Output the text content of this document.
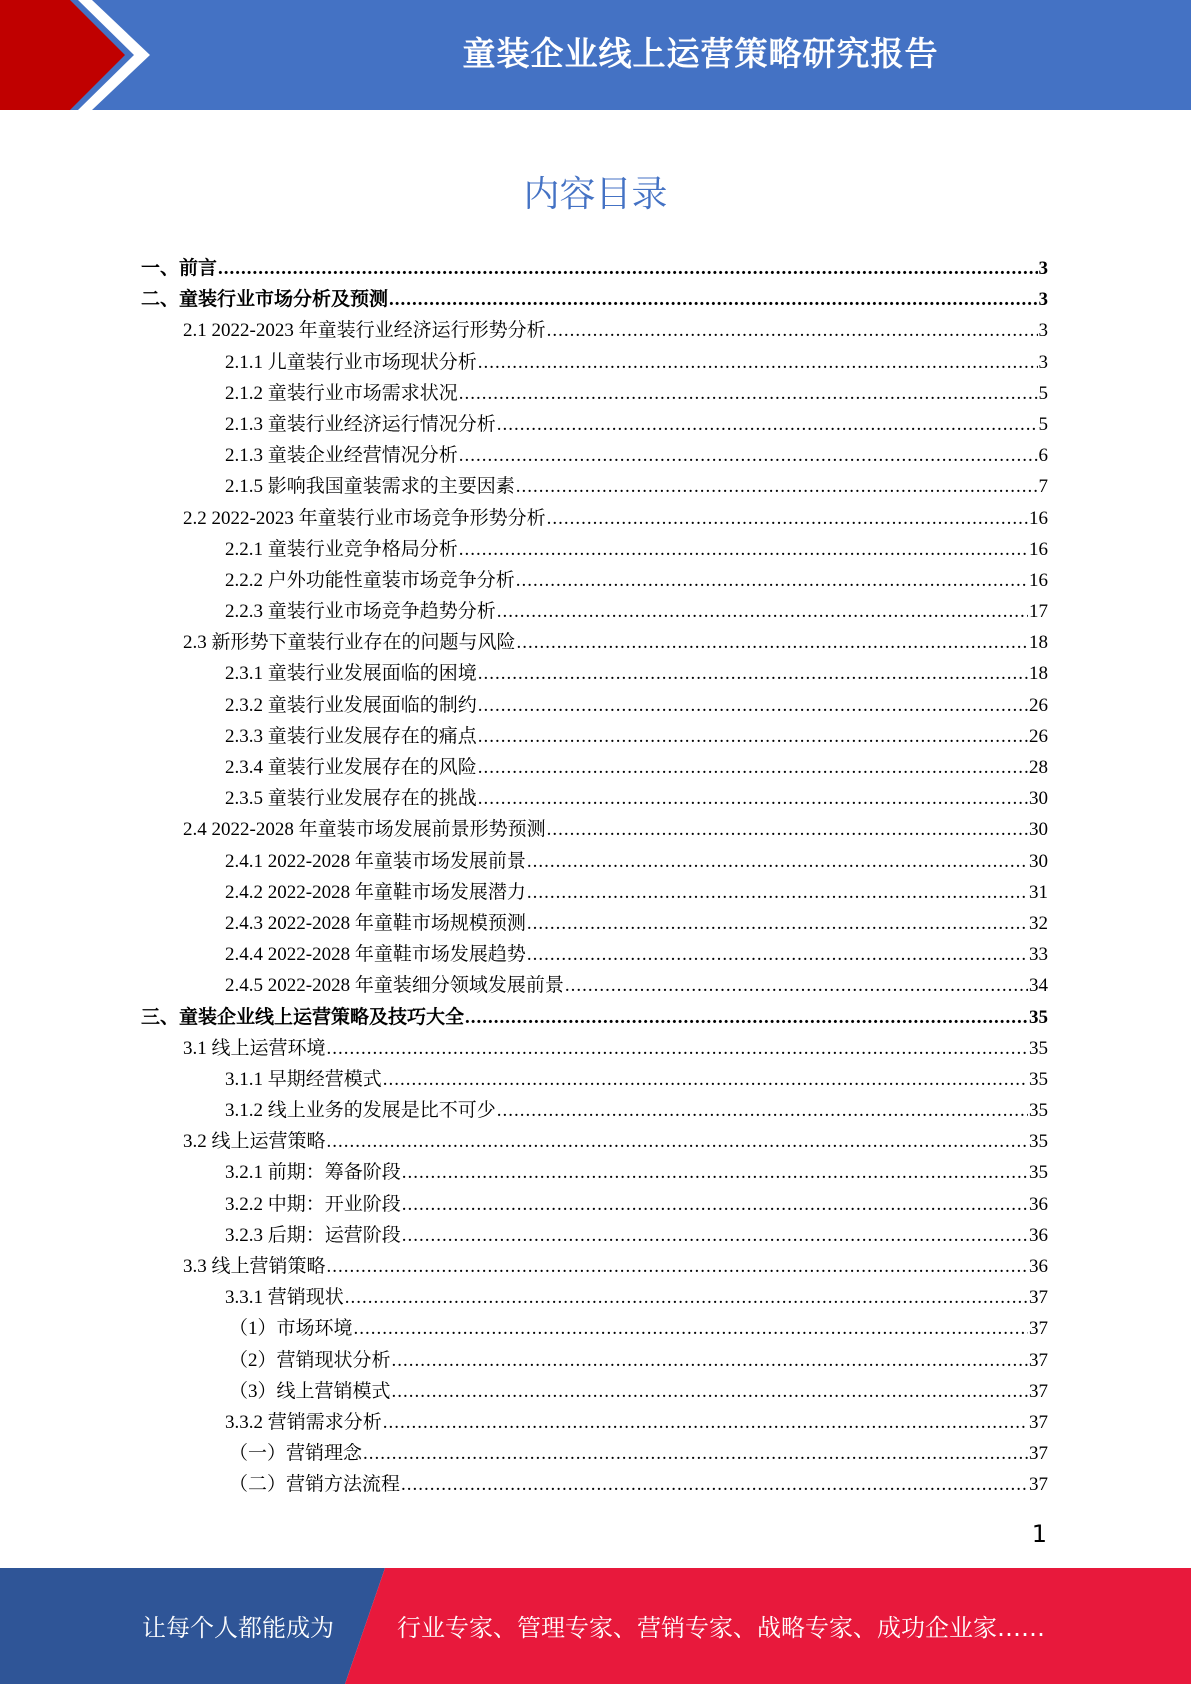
童装企业线上运营策略研究报告
内容目录
一、前言 .....	3
二、童装行业市场分析及预测 .....	3
2.1 2022-2023 年童装行业经济运行形势分析 .....	3
2.1.1 儿童装行业市场现状分析 .....	3
2.1.2 童装行业市场需求状况 .....	5
2.1.3 童装行业经济运行情况分析 .....	5
2.1.3 童装企业经营情况分析 .....	6
2.1.5 影响我国童装需求的主要因素 .....	7
2.2 2022-2023 年童装行业市场竞争形势分析 .....	16
2.2.1 童装行业竞争格局分析 .....	16
2.2.2 户外功能性童装市场竞争分析 .....	16
2.2.3 童装行业市场竞争趋势分析 .....	17
2.3 新形势下童装行业存在的问题与风险 .....	18
2.3.1 童装行业发展面临的困境 .....	18
2.3.2 童装行业发展面临的制约 .....	26
2.3.3 童装行业发展存在的痛点 .....	26
2.3.4 童装行业发展存在的风险 .....	28
2.3.5 童装行业发展存在的挑战 .....	30
2.4 2022-2028 年童装市场发展前景形势预测 .....	30
2.4.1 2022-2028 年童装市场发展前景 .....	30
2.4.2 2022-2028 年童鞋市场发展潜力 .....	31
2.4.3 2022-2028 年童鞋市场规模预测 .....	32
2.4.4 2022-2028 年童鞋市场发展趋势 .....	33
2.4.5 2022-2028 年童装细分领域发展前景 .....	34
三、童装企业线上运营策略及技巧大全 .....	35
3.1 线上运营环境 .....	35
3.1.1 早期经营模式 .....	35
3.1.2 线上业务的发展是比不可少 .....	35
3.2 线上运营策略 .....	35
3.2.1 前期：筹备阶段 .....	35
3.2.2 中期：开业阶段 .....	36
3.2.3 后期：运营阶段 .....	36
3.3 线上营销策略 .....	36
3.3.1 营销现状 .....	37
（1）市场环境 .....	37
（2）营销现状分析 .....	37
（3）线上营销模式 .....	37
3.3.2 营销需求分析 .....	37
（一）营销理念 .....	37
（二）营销方法流程 .....	37
1
让每个人都能成为	行业专家、管理专家、营销专家、战略专家、成功企业家……
